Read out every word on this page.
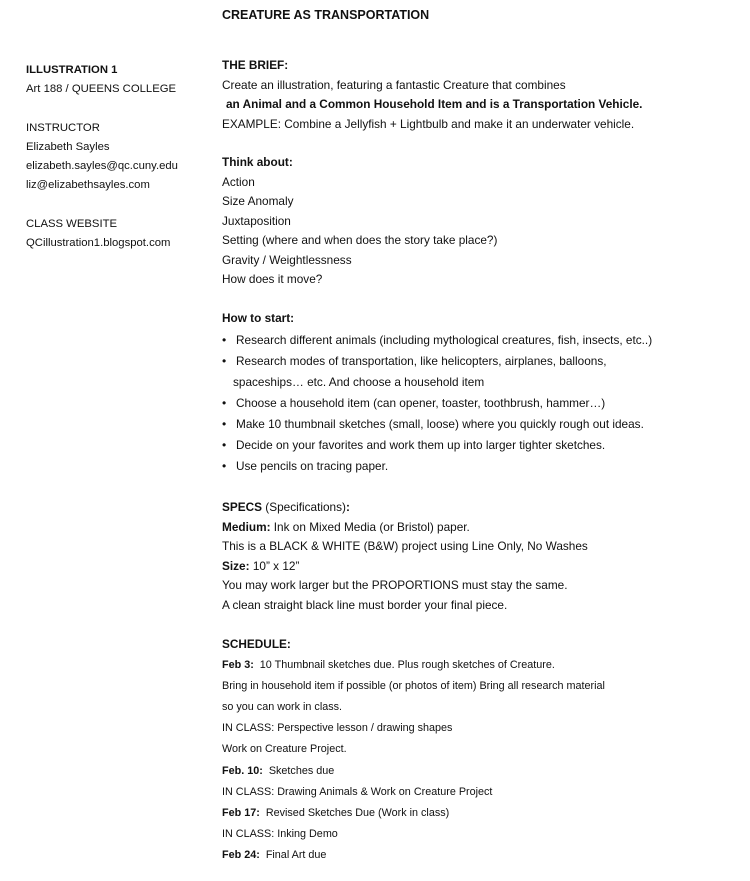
CREATURE AS TRANSPORTATION
ILLUSTRATION 1
Art 188 / QUEENS COLLEGE
INSTRUCTOR
Elizabeth Sayles
elizabeth.sayles@qc.cuny.edu
liz@elizabethsayles.com
CLASS WEBSITE
QCillustration1.blogspot.com
THE BRIEF:
Create an illustration, featuring a fantastic Creature that combines
an Animal and a Common Household Item and is a Transportation Vehicle.
EXAMPLE: Combine a Jellyfish + Lightbulb and make it an underwater vehicle.
Think about:
Action
Size Anomaly
Juxtaposition
Setting (where and when does the story take place?)
Gravity / Weightlessness
How does it move?
How to start:
• Research different animals (including mythological creatures, fish, insects, etc..)
• Research modes of transportation, like helicopters, airplanes, balloons,
spaceships… etc. And choose a household item
• Choose a household item (can opener, toaster, toothbrush, hammer…)
• Make 10 thumbnail sketches (small, loose) where you quickly rough out ideas.
• Decide on your favorites and work them up into larger tighter sketches.
• Use pencils on tracing paper.
SPECS (Specifications):
Medium: Ink on Mixed Media (or Bristol) paper.
This is a BLACK & WHITE (B&W) project using Line Only, No Washes
Size: 10” x 12”
You may work larger but the PROPORTIONS must stay the same.
A clean straight black line must border your final piece.
SCHEDULE:
Feb 3: 10 Thumbnail sketches due. Plus rough sketches of Creature.
Bring in household item if possible (or photos of item) Bring all research material
so you can work in class.
IN CLASS: Perspective lesson / drawing shapes
Work on Creature Project.
Feb. 10: Sketches due
IN CLASS: Drawing Animals & Work on Creature Project
Feb 17: Revised Sketches Due (Work in class)
IN CLASS: Inking Demo
Feb 24: Final Art due
